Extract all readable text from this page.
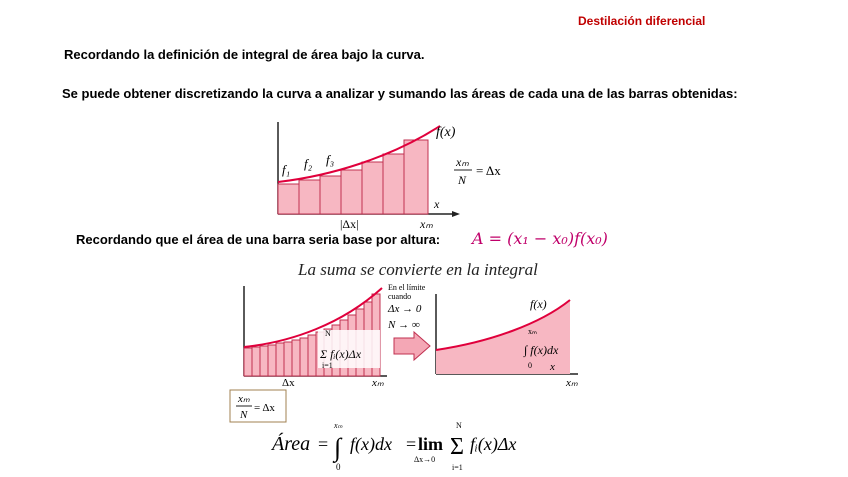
Destilación diferencial
Recordando la definición de integral de área bajo la curva.
Se puede obtener discretizando la curva a analizar y sumando las áreas de cada una de las barras obtenidas:
f(x)
f₁ f₂ f₃
|Δx|	xₘ
x
xₘ
N
= Δx
Recordando que el área de una barra seria base por altura: A = (x₁ − x₀)f(x₀)
La suma se convierte en la integral
N
Σ fᵢ(x)Δx
i=1
Δx	xₘ
xₘ
N
= Δx
En el límite
cuando
Δx → 0
N → ∞
f(x)
xₘ
∫ f(x)dx
0
xₘ
x
Área =
xₘ
∫
0
f(x)dx = lim
Δx→0
N
Σ
i=1
fᵢ(x)Δx
